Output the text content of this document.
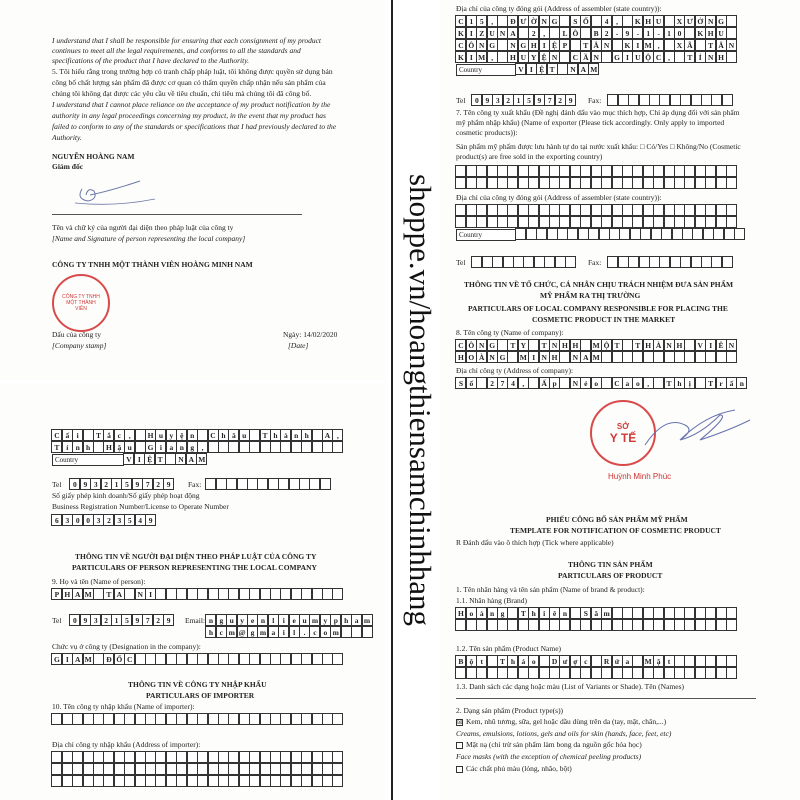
I understand that I shall be responsible for ensuring that each consignment of my product
continues to meet all the legal requirements, and conforms to all the standards and
specifications of the product that I have declared to the Authority.
5. Tôi hiểu rằng trong trường hợp có tranh chấp pháp luật, tôi không được quyền sử dụng bản
công bố chất lượng sản phẩm đã được cơ quan có thẩm quyền chấp nhận nếu sản phẩm của
chúng tôi không đạt được các yêu cầu về tiêu chuẩn, chỉ tiêu mà chúng tôi đã công bố.
I understand that I cannot place reliance on the acceptance of my product notification by the
authority in any legal proceedings concerning my product, in the event that my product has
failed to conform to any of the standards or specifications that I had previously declared to the
Authority.
NGUYỄN HOÀNG NAM
Giám đốc
Tên và chữ ký của người đại diện theo pháp luật của công ty
[Name and Signature of person representing the local company]
CÔNG TY TNHH MỘT THÀNH VIÊN HOÀNG MINH NAM
CÔNG TY TNHH MỘT THÀNH VIÊN
Dấu của công ty
[Company stamp]
Ngày: 14/02/2020
[Date]
C ấ i	T ắ c	,	H u y ệ n	C h â u	T h à n h	A ,
T ỉ n h	H ậ u	G i a n g	,
Country	V I Ệ T	N A M
Tel	0 9 3 2 1 5 9 7 2 9	Fax:
Số giấy phép kinh doanh/Số giấy phép hoạt động
Business Registration Number/License to Operate Number
6 3 0 0 3 2 3 5 4 9
THÔNG TIN VỀ NGƯỜI ĐẠI DIỆN THEO PHÁP LUẬT CỦA CÔNG TY
PARTICULARS OF PERSON REPRESENTING THE LOCAL COMPANY
9. Họ và tên (Name of person):
P H A M	T A	N I
Tel	0 9 3 2 1 5 9 7 2 9	Email: n g u y e n l	i	e u m y p h a m
h c m @ g m a i	l	.	c o m
Chức vụ ở công ty (Designation in the company):
G I A M	Đ Ố C
THÔNG TIN VỀ CÔNG TY NHẬP KHẨU
PARTICULARS OF IMPORTER
10. Tên công ty nhập khẩu (Name of importer):
Địa chỉ công ty nhập khẩu (Address of importer):
shoppe.vn/hoangthiensamchinhhang
Địa chỉ của công ty đóng gói (Address of assembler (state country)):
C 1 5	,	Đ Ư Ờ N G	S Ố	4	,	K H U	X Ư Ở N G
K I Z U N A	2	,	L Ô	B 2 - 9 - 1 - 1 0	K H U
C Ô N G	N G H I Ệ P	T Â N	K I M ,	X Ã	T Â N
K I M ,	H U Y Ệ N	C Ầ N	G I U Ộ C ,	T Ỉ N H
Country	V I Ệ T	N A M
Tel	0 9 3 2 1 5 9 7 2 9	Fax:
7. Tên công ty xuất khẩu (Đề nghị đánh dấu vào mục thích hợp, Chỉ áp dụng đối với sản phẩm
mỹ phẩm nhập khẩu) (Name of exporter (Please tick accordingly. Only apply to imported
cosmetic products)):
Sản phẩm mỹ phẩm được lưu hành tự do tại nước xuất khẩu: □ Có/Yes □ Không/No (Cosmetic
product(s) are free sold in the exporting country)
Địa chỉ của công ty đóng gói (Address of assembler (state country)):
Country
Tel	Fax:
THÔNG TIN VỀ TỔ CHỨC, CÁ NHÂN CHỊU TRÁCH NHIỆM ĐƯA SẢN PHẨM
MỸ PHẨM RA THỊ TRƯỜNG
PARTICULARS OF LOCAL COMPANY RESPONSIBLE FOR PLACING THE
COSMETIC PRODUCT IN THE MARKET
8. Tên công ty (Name of company):
C Ô N G	T Y	T N H H	M Ộ T	T H À N H	V I Ê N
H O À N G	M I N H	N A M
Địa chỉ công ty (Address of company):
S ố	2 7 4	,	Ấ p	N ẻ o	C a o	,	T h ị	T r ấ n
SỞ
Y TẾ
Huỳnh Minh Phúc
PHIẾU CÔNG BỐ SẢN PHẨM MỸ PHẨM
TEMPLATE FOR NOTIFICATION OF COSMETIC PRODUCT
R Đánh dấu vào ô thích hợp (Tick where applicable)
THÔNG TIN SẢN PHẨM
PARTICULARS OF PRODUCT
1. Tên nhãn hàng và tên sản phẩm (Name of brand & product):
1.1. Nhãn hàng (Brand)
H o à n g	T h i	ê n	S â m
1.2. Tên sản phẩm (Product Name)
B ộ t	T h ả o	D ư ợ c	R ử a	M ặ t
1.3. Danh sách các dạng hoặc màu (List of Variants or Shade). Tên (Names)
2. Dạng sản phẩm (Product type(s))
☒ Kem, nhũ tương, sữa, gel hoặc dầu dùng trên da (tay, mặt, chân,...)
Creams, emulsions, lotions, gels and oils for skin (hands, face, feet, etc)
Mặt nạ (chỉ trừ sản phẩm làm bong da nguồn gốc hóa học)
Face masks (with the exception of chemical peeling products)
Các chất phủ màu (lỏng, nhão, bột)
